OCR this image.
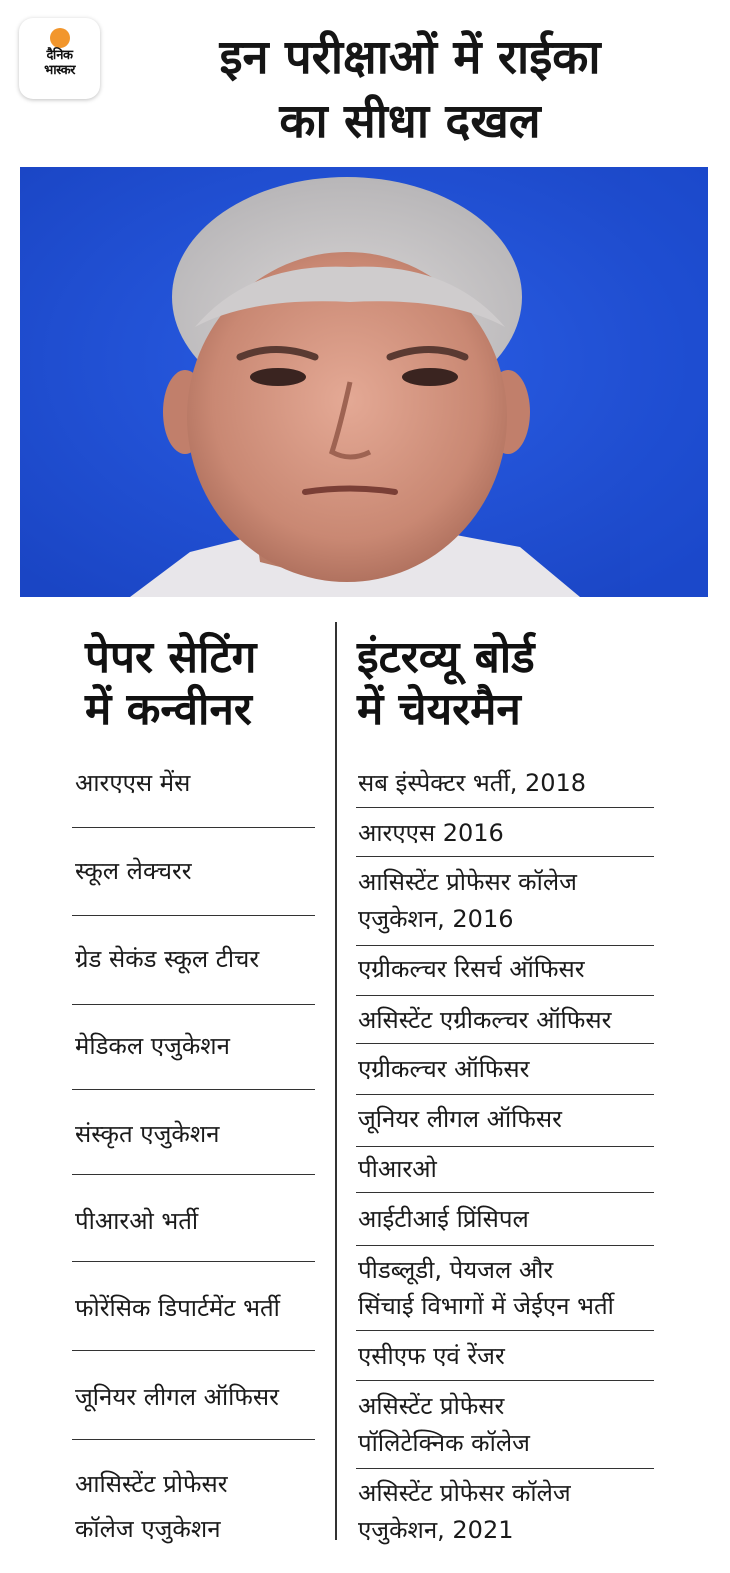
दैनिक
भास्कर	इन परीक्षाओं में राईका
का सीधा दखल
पेपर सेटिंग
में कन्वीनर
इंटरव्यू बोर्ड
में चेयरमैन
आरएएस मेंस
स्कूल लेक्चरर
ग्रेड सेकंड स्कूल टीचर
मेडिकल एजुकेशन
संस्कृत एजुकेशन
पीआरओ भर्ती
फोरेंसिक डिपार्टमेंट भर्ती
जूनियर लीगल ऑफिसर
आसिस्टेंट प्रोफेसर
कॉलेज एजुकेशन
सब इंस्पेक्टर भर्ती, 2018
आरएएस 2016
आसिस्टेंट प्रोफेसर कॉलेज
एजुकेशन, 2016
एग्रीकल्चर रिसर्च ऑफिसर
असिस्टेंट एग्रीकल्चर ऑफिसर
एग्रीकल्चर ऑफिसर
जूनियर लीगल ऑफिसर
पीआरओ
आईटीआई प्रिंसिपल
पीडब्लूडी, पेयजल और
सिंचाई विभागों में जेईएन भर्ती
एसीएफ एवं रेंजर
असिस्टेंट प्रोफेसर
पॉलिटेक्निक कॉलेज
असिस्टेंट प्रोफेसर कॉलेज
एजुकेशन, 2021
